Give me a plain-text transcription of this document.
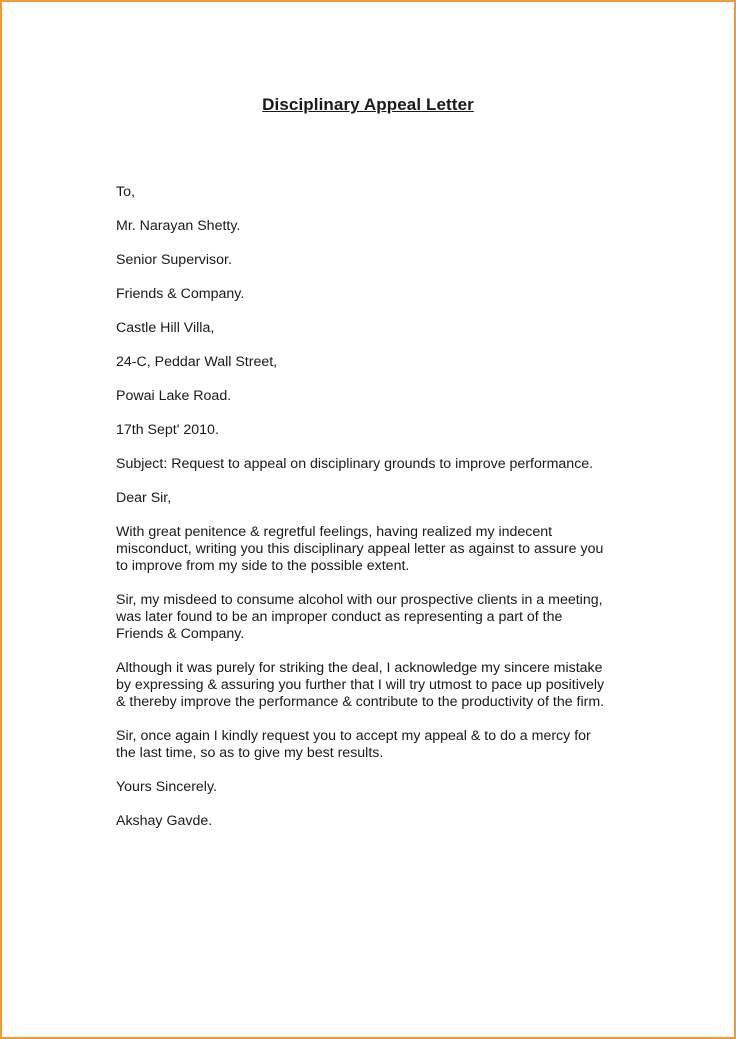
Disciplinary Appeal Letter

To,

Mr. Narayan Shetty.

Senior Supervisor.

Friends & Company.

Castle Hill Villa,

24-C, Peddar Wall Street,

Powai Lake Road.

17th Sept' 2010.

Subject: Request to appeal on disciplinary grounds to improve performance.

Dear Sir,

With great penitence & regretful feelings, having realized my indecent
misconduct, writing you this disciplinary appeal letter as against to assure you
to improve from my side to the possible extent.

Sir, my misdeed to consume alcohol with our prospective clients in a meeting,
was later found to be an improper conduct as representing a part of the
Friends & Company.

Although it was purely for striking the deal, I acknowledge my sincere mistake
by expressing & assuring you further that I will try utmost to pace up positively
& thereby improve the performance & contribute to the productivity of the firm.

Sir, once again I kindly request you to accept my appeal & to do a mercy for
the last time, so as to give my best results.

Yours Sincerely.

Akshay Gavde.
